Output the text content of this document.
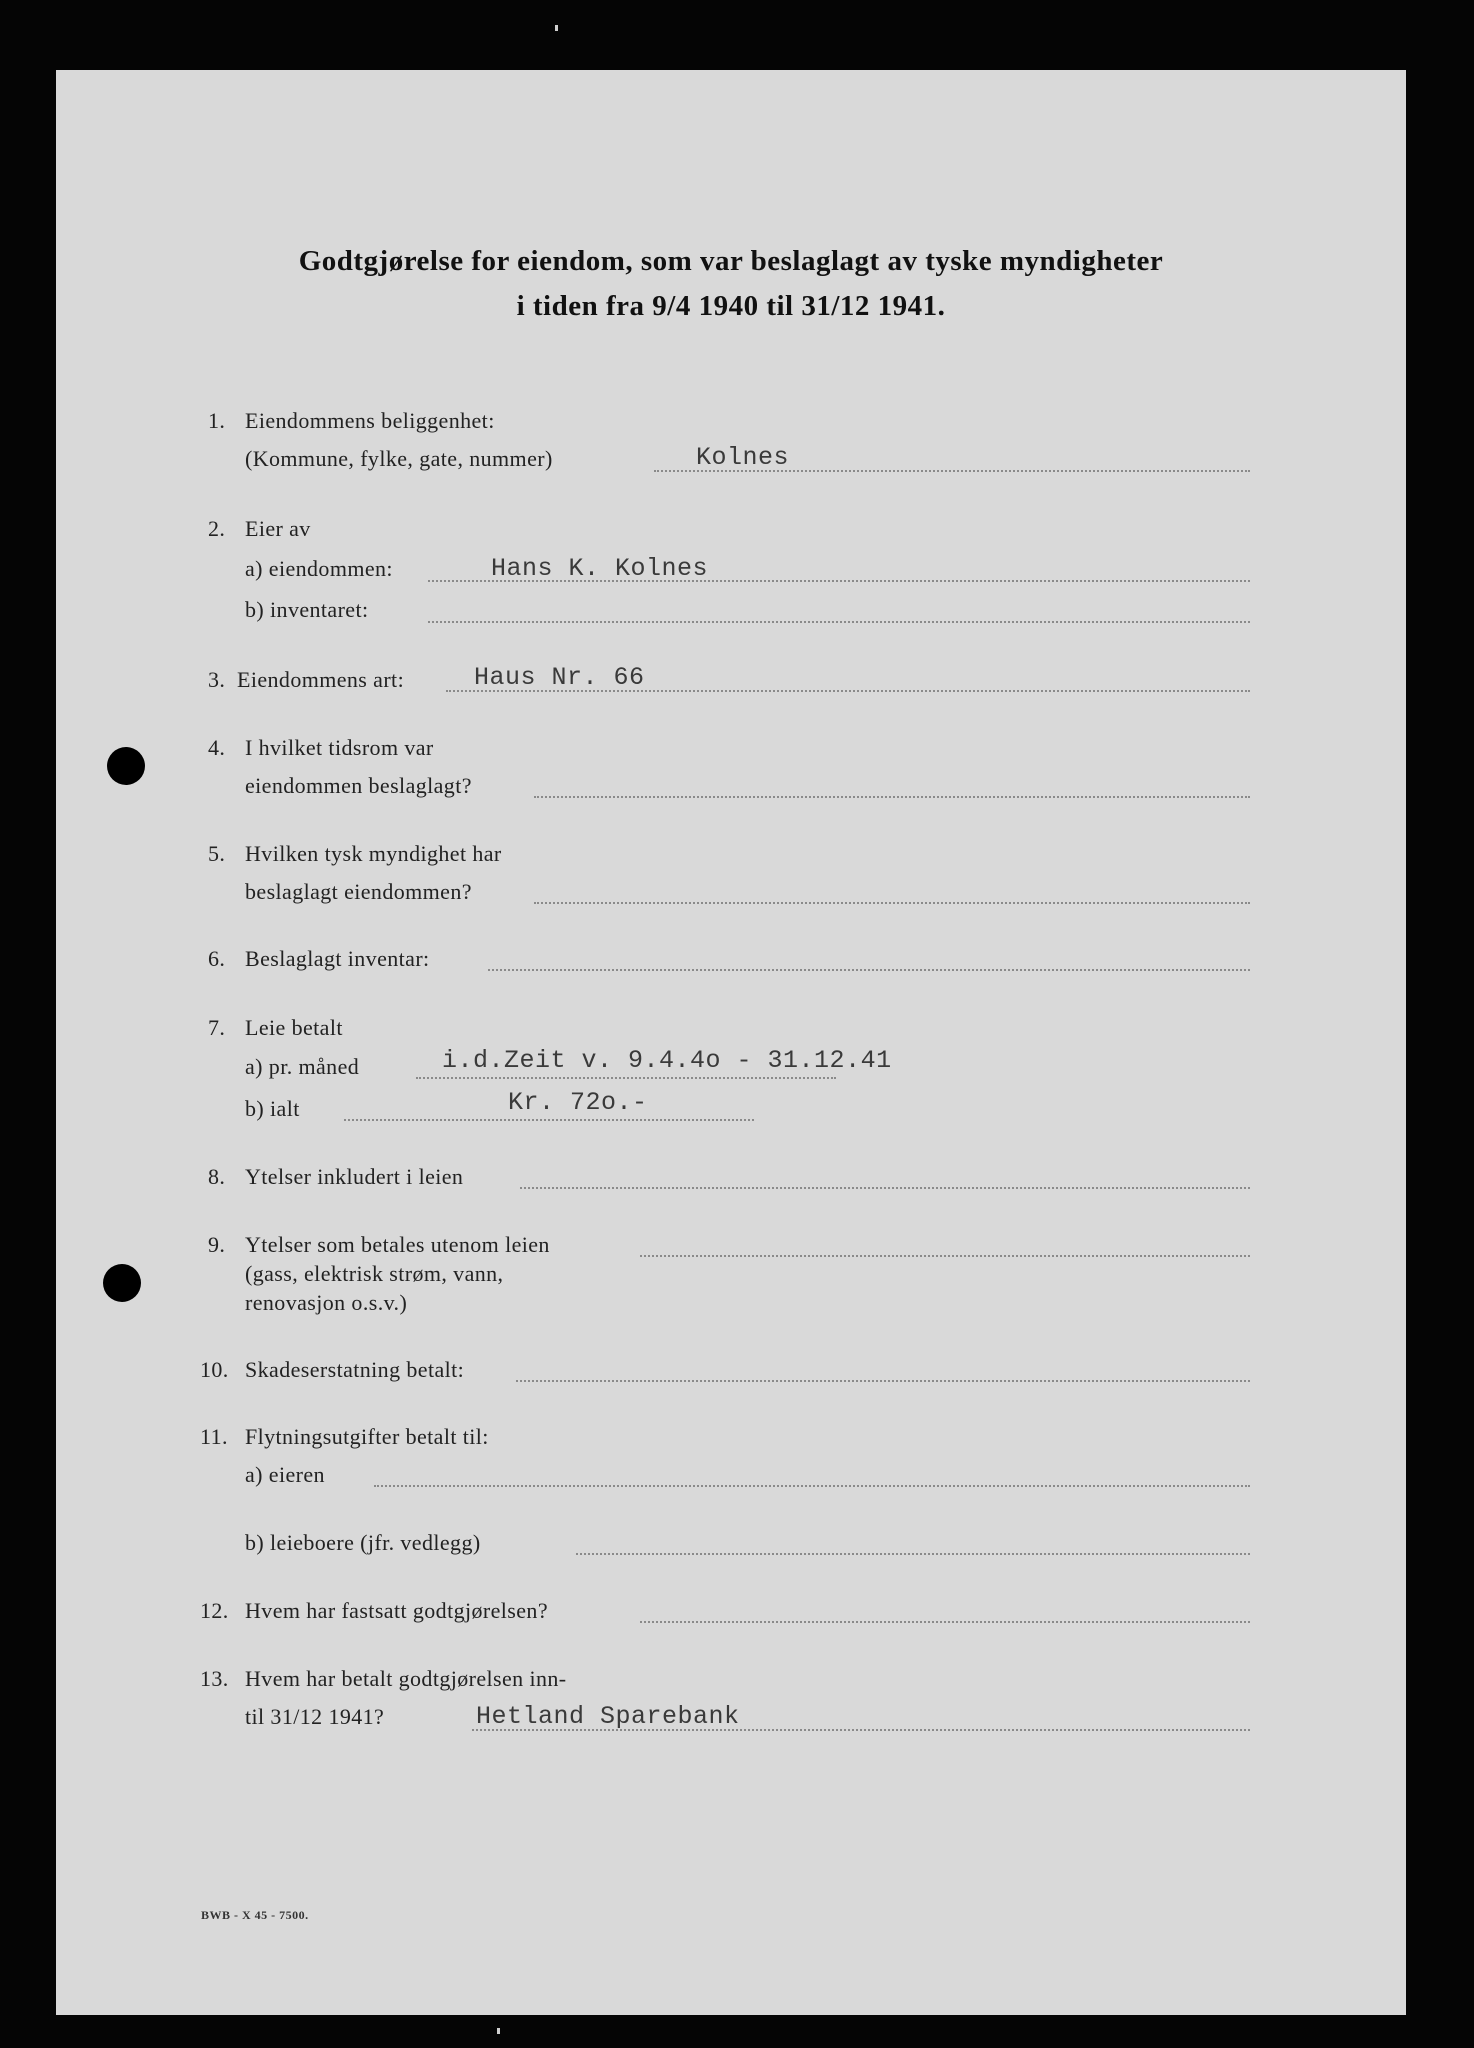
Godtgjørelse for eiendom, som var beslaglagt av tyske myndigheter
i tiden fra 9/4 1940 til 31/12 1941.
1. Eiendommens beliggenhet:
(Kommune, fylke, gate, nummer)	Kolnes
2. Eier av
a) eiendommen:	Hans K. Kolnes
b) inventaret:
3. Eiendommens art:	Haus Nr. 66
4. I hvilket tidsrom var
eiendommen beslaglagt?
5. Hvilken tysk myndighet har
beslaglagt eiendommen?
6. Beslaglagt inventar:
7. Leie betalt
a) pr. måned	i.d.Zeit v. 9.4.4o - 31.12.41
b) ialt	Kr. 72o.-
8. Ytelser inkludert i leien
9. Ytelser som betales utenom leien
(gass, elektrisk strøm, vann,
renovasjon o.s.v.)
10. Skadeserstatning betalt:
11. Flytningsutgifter betalt til:
a) eieren
b) leieboere (jfr. vedlegg)
12. Hvem har fastsatt godtgjørelsen?
13. Hvem har betalt godtgjørelsen inn-
til 31/12 1941?	Hetland Sparebank
BWB - X 45 - 7500.
